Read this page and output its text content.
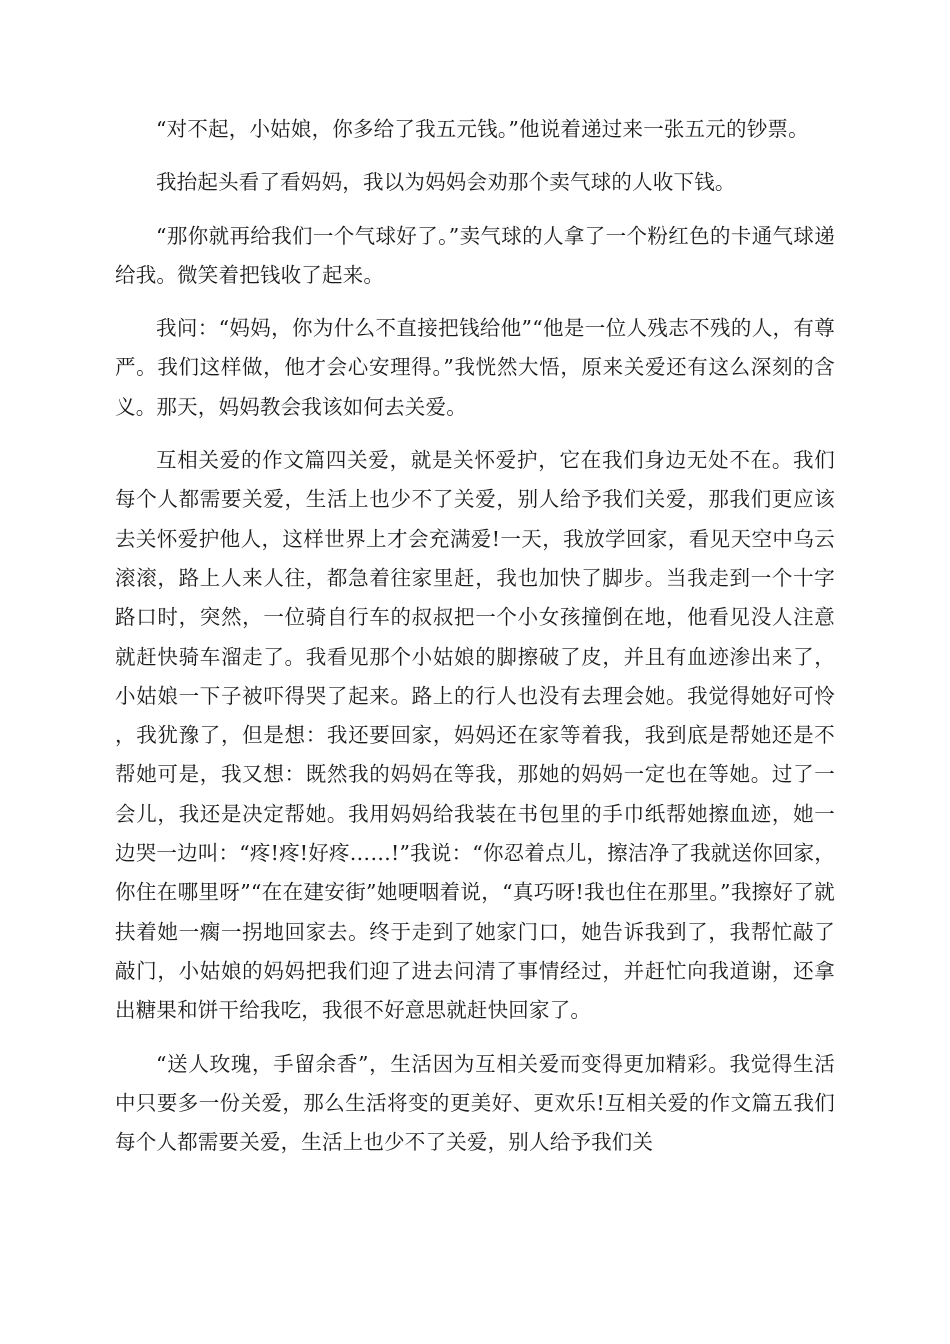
“对不起，小姑娘，你多给了我五元钱。”他说着递过来一张五元的钞票。

我抬起头看了看妈妈，我以为妈妈会劝那个卖气球的人收下钱。

“那你就再给我们一个气球好了。”卖气球的人拿了一个粉红色的卡通气球递给我。微笑着把钱收了起来。

我问：“妈妈，你为什么不直接把钱给他”“他是一位人残志不残的人，有尊严。我们这样做，他才会心安理得。”我恍然大悟，原来关爱还有这么深刻的含义。那天，妈妈教会我该如何去关爱。

互相关爱的作文篇四关爱，就是关怀爱护，它在我们身边无处不在。我们每个人都需要关爱，生活上也少不了关爱，别人给予我们关爱，那我们更应该去关怀爱护他人，这样世界上才会充满爱!一天，我放学回家，看见天空中乌云滚滚，路上人来人往，都急着往家里赶，我也加快了脚步。当我走到一个十字路口时，突然，一位骑自行车的叔叔把一个小女孩撞倒在地，他看见没人注意就赶快骑车溜走了。我看见那个小姑娘的脚擦破了皮，并且有血迹渗出来了，小姑娘一下子被吓得哭了起来。路上的行人也没有去理会她。我觉得她好可怜，我犹豫了，但是想：我还要回家，妈妈还在家等着我，我到底是帮她还是不帮她可是，我又想：既然我的妈妈在等我，那她的妈妈一定也在等她。过了一会儿，我还是决定帮她。我用妈妈给我装在书包里的手巾纸帮她擦血迹，她一边哭一边叫：“疼!疼!好疼……!”我说：“你忍着点儿，擦洁净了我就送你回家，你住在哪里呀”“在在建安街”她哽咽着说，“真巧呀!我也住在那里。”我擦好了就扶着她一瘸一拐地回家去。终于走到了她家门口，她告诉我到了，我帮忙敲了敲门，小姑娘的妈妈把我们迎了进去问清了事情经过，并赶忙向我道谢，还拿出糖果和饼干给我吃，我很不好意思就赶快回家了。

“送人玫瑰，手留余香”，生活因为互相关爱而变得更加精彩。我觉得生活中只要多一份关爱，那么生活将变的更美好、更欢乐!互相关爱的作文篇五我们每个人都需要关爱，生活上也少不了关爱，别人给予我们关
